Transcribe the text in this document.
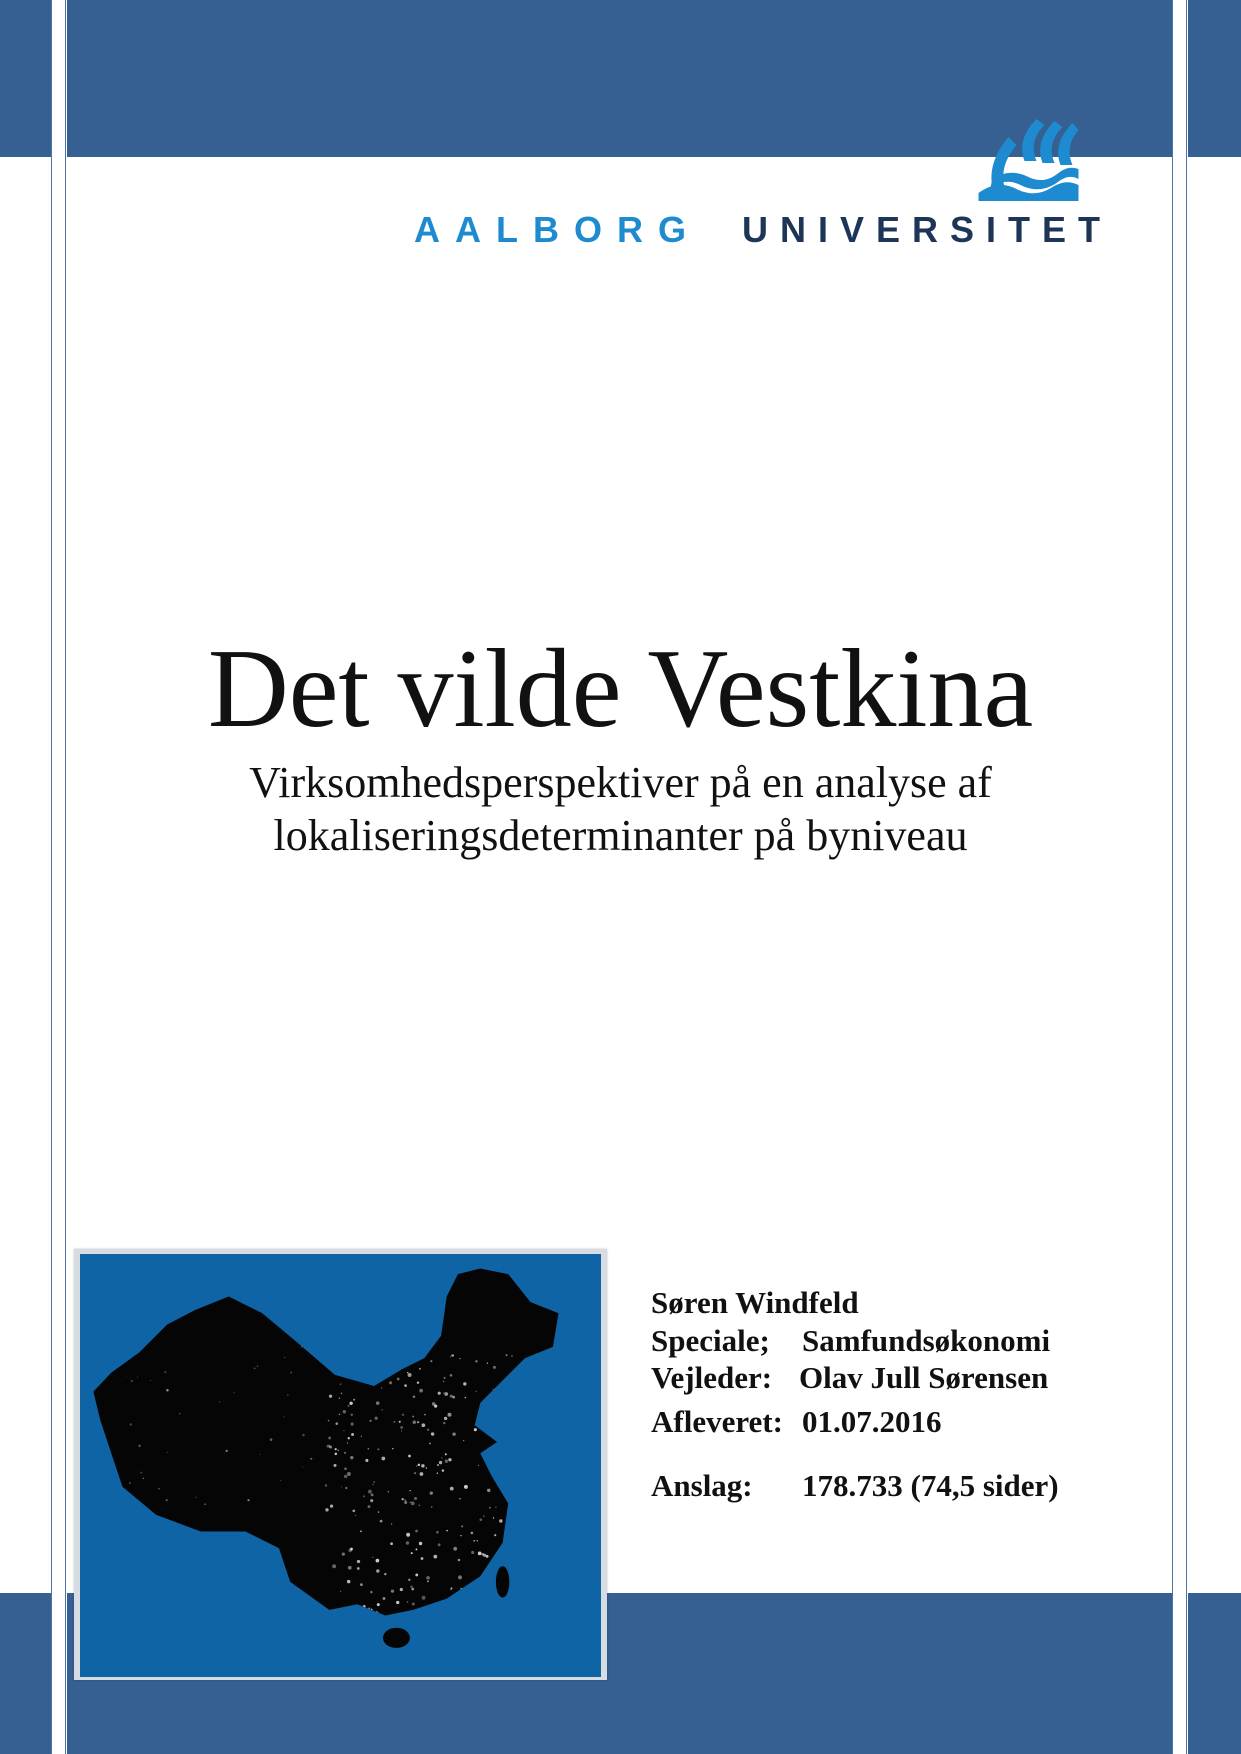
AALBORG UNIVERSITET
Det vilde Vestkina
Virksomhedsperspektiver på en analyse af
lokaliseringsdeterminanter på byniveau
Søren Windfeld
Speciale; Samfundsøkonomi
Vejleder: Olav Jull Sørensen
Afleveret: 01.07.2016
Anslag: 178.733 (74,5 sider)
